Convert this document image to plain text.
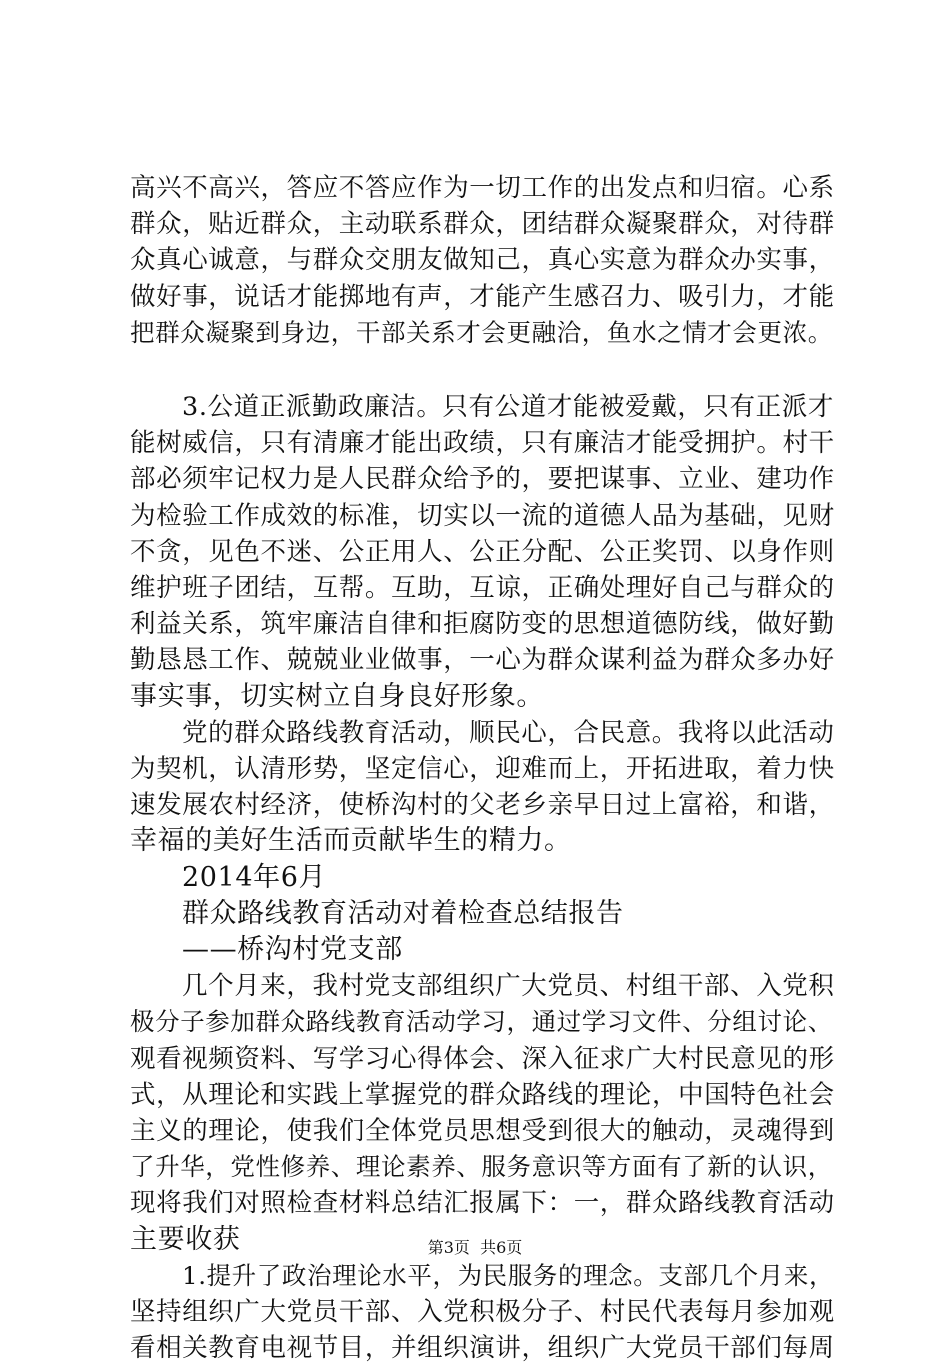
高兴不高兴，答应不答应作为一切工作的出发点和归宿。心系
群众，贴近群众，主动联系群众，团结群众凝聚群众，对待群
众真心诚意，与群众交朋友做知己，真心实意为群众办实事，
做好事，说话才能掷地有声，才能产生感召力、吸引力，才能
把群众凝聚到身边，干部关系才会更融洽，鱼水之情才会更浓。
3.公道正派勤政廉洁。只有公道才能被爱戴，只有正派才
能树威信，只有清廉才能出政绩，只有廉洁才能受拥护。村干
部必须牢记权力是人民群众给予的，要把谋事、立业、建功作
为检验工作成效的标准，切实以一流的道德人品为基础，见财
不贪，见色不迷、公正用人、公正分配、公正奖罚、以身作则
维护班子团结，互帮。互助，互谅，正确处理好自己与群众的
利益关系，筑牢廉洁自律和拒腐防变的思想道德防线，做好勤
勤恳恳工作、兢兢业业做事，一心为群众谋利益为群众多办好
事实事，切实树立自身良好形象。
党的群众路线教育活动，顺民心，合民意。我将以此活动
为契机，认清形势，坚定信心，迎难而上，开拓进取，着力快
速发展农村经济，使桥沟村的父老乡亲早日过上富裕，和谐，
幸福的美好生活而贡献毕生的精力。
2014年6月
群众路线教育活动对着检查总结报告
——桥沟村党支部
几个月来，我村党支部组织广大党员、村组干部、入党积
极分子参加群众路线教育活动学习，通过学习文件、分组讨论、
观看视频资料、写学习心得体会、深入征求广大村民意见的形
式，从理论和实践上掌握党的群众路线的理论，中国特色社会
主义的理论，使我们全体党员思想受到很大的触动，灵魂得到
了升华，党性修养、理论素养、服务意识等方面有了新的认识，
现将我们对照检查材料总结汇报属下：一，群众路线教育活动
主要收获
1.提升了政治理论水平，为民服务的理念。支部几个月来，
坚持组织广大党员干部、入党积极分子、村民代表每月参加观
看相关教育电视节目，并组织演讲，组织广大党员干部们每周
第3页  共6页
